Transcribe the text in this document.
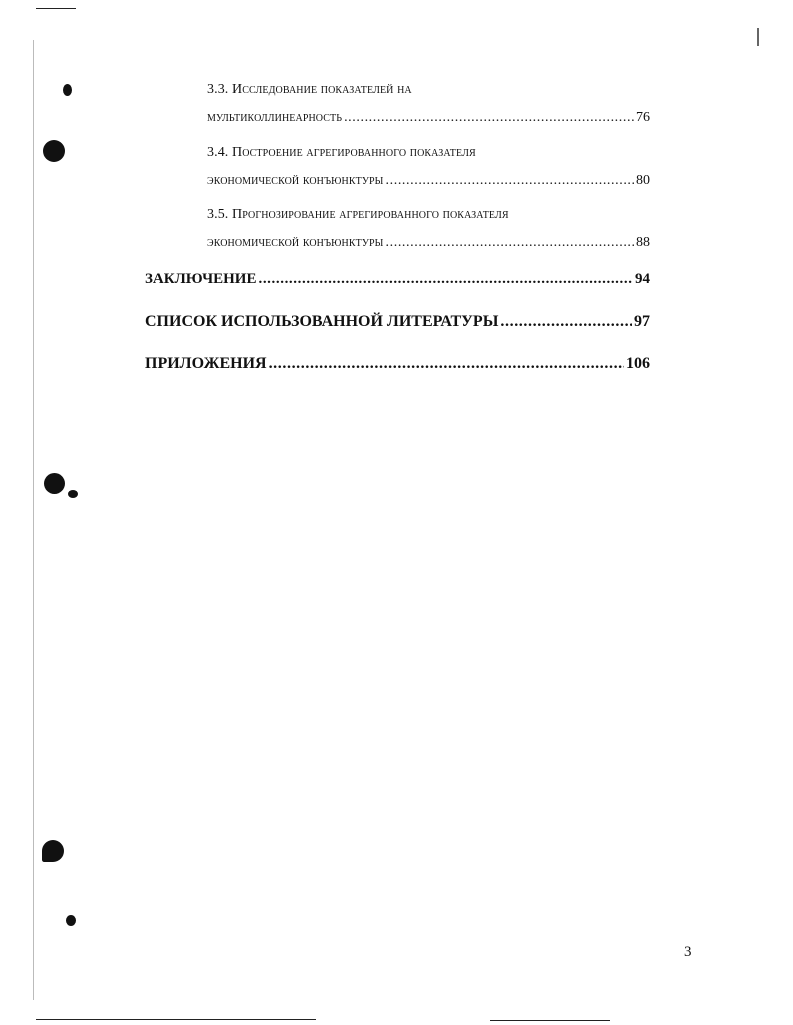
3.3. Исследование показателей на
мультиколлинеарность .....	76
3.4. Построение агрегированного показателя
экономической конъюнктуры .....	80
3.5. Прогнозирование агрегированного показателя
экономической конъюнктуры .....	88
ЗАКЛЮЧЕНИЕ .....	94
СПИСОК ИСПОЛЬЗОВАННОЙ ЛИТЕРАТУРЫ .....	97
ПРИЛОЖЕНИЯ .....	106
3
